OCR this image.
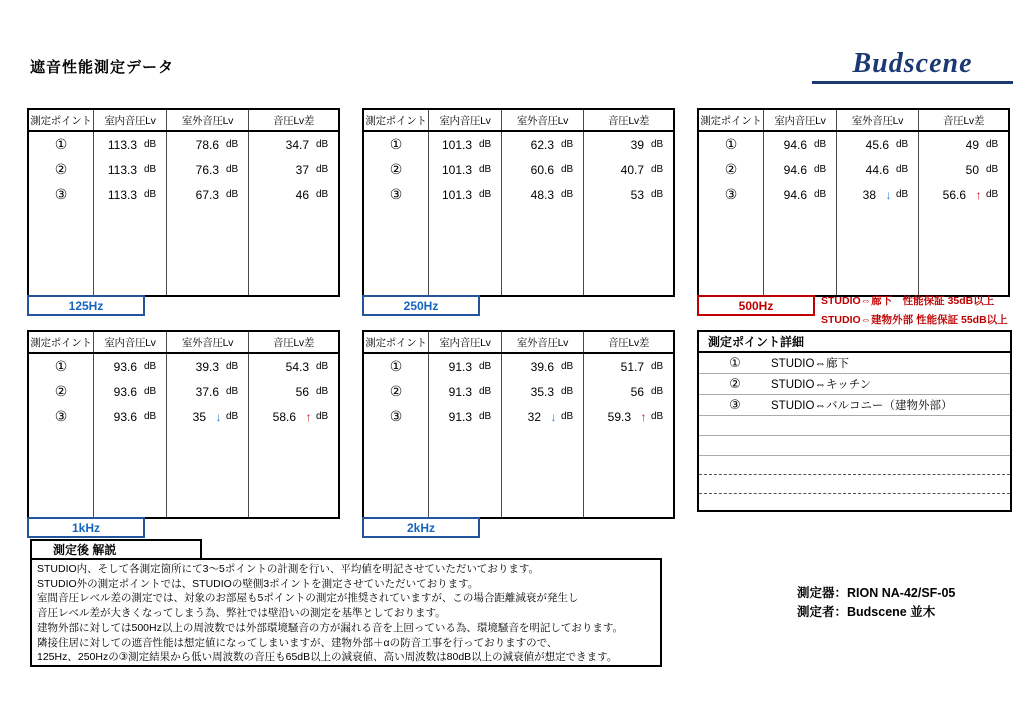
遮音性能測定データ	Budscene
測定ポイント	室内音圧Lv	室外音圧Lv	音圧Lv差
①	113.3 dB	78.6 dB	34.7 dB
②	113.3 dB	76.3 dB	37 dB
③	113.3 dB	67.3 dB	46 dB
125Hz
測定ポイント	室内音圧Lv	室外音圧Lv	音圧Lv差
①	101.3 dB	62.3 dB	39 dB
②	101.3 dB	60.6 dB	40.7 dB
③	101.3 dB	48.3 dB	53 dB
250Hz
測定ポイント	室内音圧Lv	室外音圧Lv	音圧Lv差
①	94.6 dB	45.6 dB	49 dB
②	94.6 dB	44.6 dB	50 dB
③	94.6 dB	38 ↓ dB	56.6 ↑ dB
500Hz
測定ポイント	室内音圧Lv	室外音圧Lv	音圧Lv差
①	93.6 dB	39.3 dB	54.3 dB
②	93.6 dB	37.6 dB	56 dB
③	93.6 dB	35 ↓ dB	58.6 ↑ dB
1kHz
測定ポイント	室内音圧Lv	室外音圧Lv	音圧Lv差
①	91.3 dB	39.6 dB	51.7 dB
②	91.3 dB	35.3 dB	56 dB
③	91.3 dB	32 ↓ dB	59.3 ↑ dB
2kHz
STUDIO⇔廊下　性能保証 35dB以上
STUDIO⇔建物外部 性能保証 55dB以上
測定ポイント詳細
①	STUDIO⇔廊下
②	STUDIO⇔キッチン
③	STUDIO⇔バルコニー（建物外部）
測定後 解説
STUDIO内、そして各測定箇所にて3～5ポイントの計測を行い、平均値を明記させていただいております。
STUDIO外の測定ポイントでは、STUDIOの壁側3ポイントを測定させていただいております。
室間音圧レベル差の測定では、対象のお部屋も5ポイントの測定が推奨されていますが、この場合距離減衰が発生し
音圧レベル差が大きくなってしまう為、弊社では壁沿いの測定を基準としております。
建物外部に対しては500Hz以上の周波数では外部環境騒音の方が漏れる音を上回っている為、環境騒音を明記しております。
隣接住居に対しての遮音性能は想定値になってしまいますが、建物外部＋αの防音工事を行っておりますので、
125Hz、250Hzの③測定結果から低い周波数の音圧も65dB以上の減衰値、高い周波数は80dB以上の減衰値が想定できます。
測定器：RION NA-42/SF-05
測定者：Budscene 並木
